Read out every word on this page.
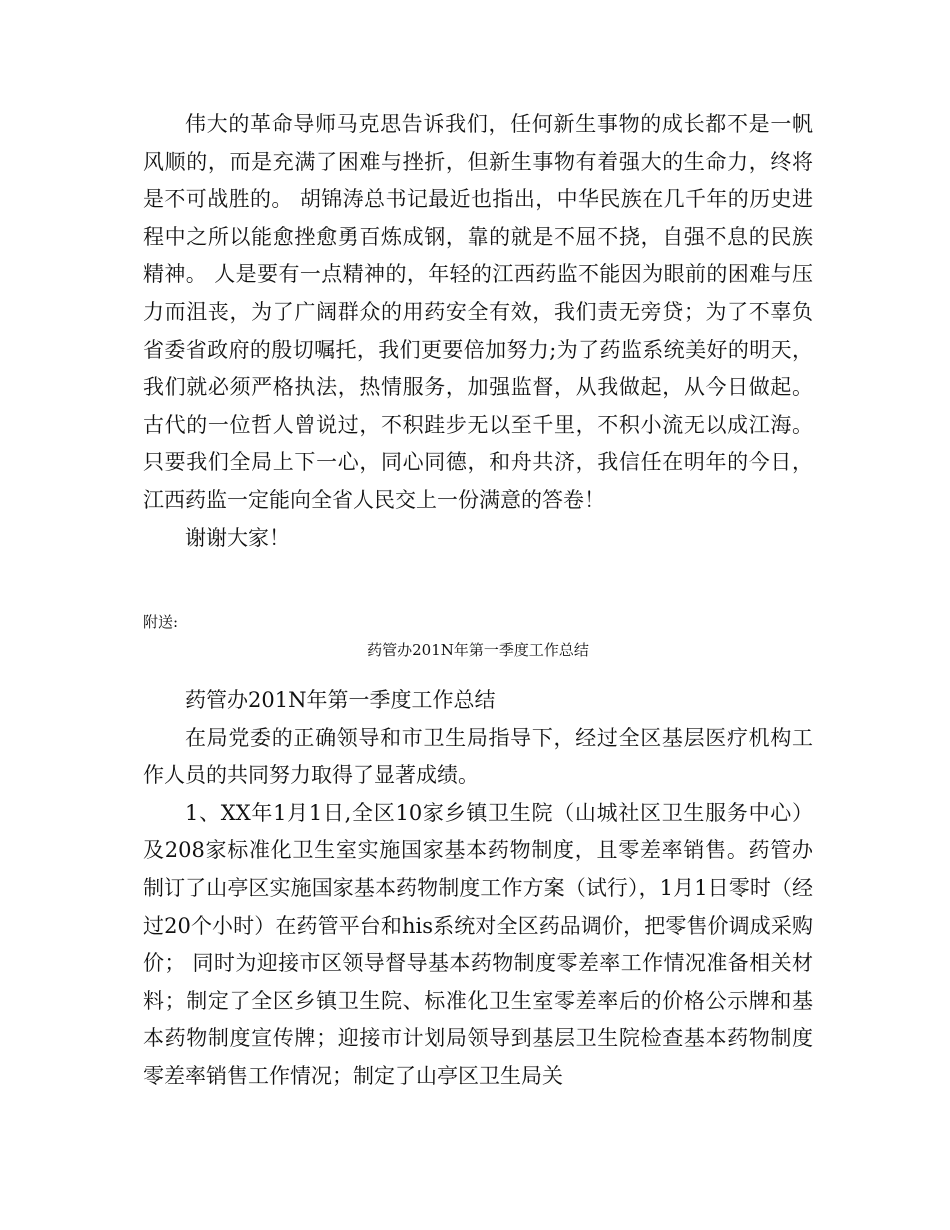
伟大的革命导师马克思告诉我们，任何新生事物的成长都不是一帆风顺的，而是充满了困难与挫折，但新生事物有着强大的生命力，终将是不可战胜的。 胡锦涛总书记最近也指出，中华民族在几千年的历史进程中之所以能愈挫愈勇百炼成钢，靠的就是不屈不挠，自强不息的民族精神。 人是要有一点精神的，年轻的江西药监不能因为眼前的困难与压力而沮丧，为了广阔群众的用药安全有效，我们责无旁贷；为了不辜负省委省政府的殷切嘱托，我们更要倍加努力;为了药监系统美好的明天，我们就必须严格执法，热情服务，加强监督，从我做起，从今日做起。古代的一位哲人曾说过，不积跬步无以至千里，不积小流无以成江海。只要我们全局上下一心，同心同德，和舟共济，我信任在明年的今日，江西药监一定能向全省人民交上一份满意的答卷！

谢谢大家！

附送:

药管办201N年第一季度工作总结

药管办201N年第一季度工作总结

在局党委的正确领导和市卫生局指导下，经过全区基层医疗机构工作人员的共同努力取得了显著成绩。

1、XX年1月1日,全区10家乡镇卫生院（山城社区卫生服务中心）及208家标准化卫生室实施国家基本药物制度，且零差率销售。药管办制订了山亭区实施国家基本药物制度工作方案（试行），1月1日零时（经过20个小时）在药管平台和his系统对全区药品调价，把零售价调成采购价； 同时为迎接市区领导督导基本药物制度零差率工作情况准备相关材料；制定了全区乡镇卫生院、标准化卫生室零差率后的价格公示牌和基本药物制度宣传牌；迎接市计划局领导到基层卫生院检查基本药物制度零差率销售工作情况；制定了山亭区卫生局关
